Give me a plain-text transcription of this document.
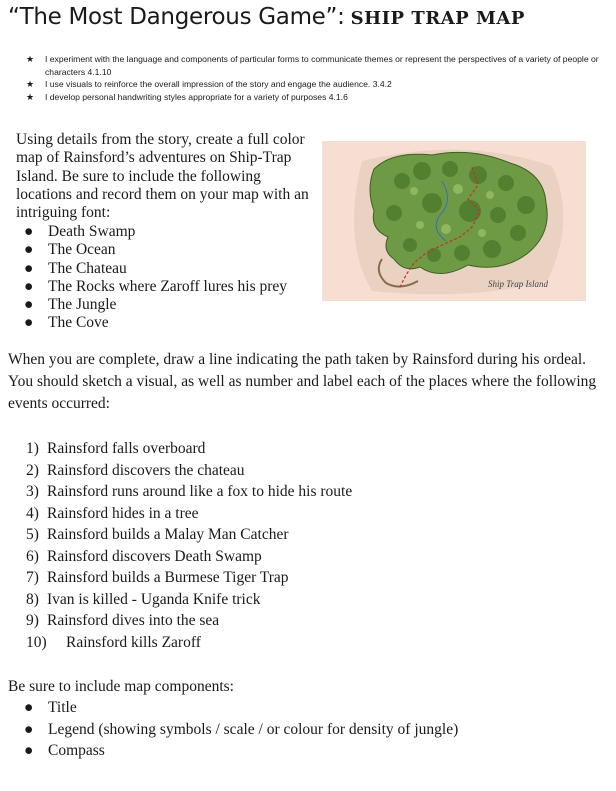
“The Most Dangerous Game”: SHIP TRAP MAP
★ I experiment with the language and components of particular forms to communicate themes or represent the perspectives of a variety of people or characters 4.1.10
★ I use visuals to reinforce the overall impression of the story and engage the audience. 3.4.2
★ I develop personal handwriting styles appropriate for a variety of purposes 4.1.6
Using details from the story, create a full color map of Rainsford’s adventures on Ship-Trap Island. Be sure to include the following locations and record them on your map with an intriguing font:
● Death Swamp
● The Ocean
● The Chateau
● The Rocks where Zaroff lures his prey
● The Jungle
● The Cove
Ship Trap Island
When you are complete, draw a line indicating the path taken by Rainsford during his ordeal. You should sketch a visual, as well as number and label each of the places where the following events occurred:
1) Rainsford falls overboard
2) Rainsford discovers the chateau
3) Rainsford runs around like a fox to hide his route
4) Rainsford hides in a tree
5) Rainsford builds a Malay Man Catcher
6) Rainsford discovers Death Swamp
7) Rainsford builds a Burmese Tiger Trap
8) Ivan is killed - Uganda Knife trick
9) Rainsford dives into the sea
10) Rainsford kills Zaroff
Be sure to include map components:
● Title
● Legend (showing symbols / scale / or colour for density of jungle)
● Compass
